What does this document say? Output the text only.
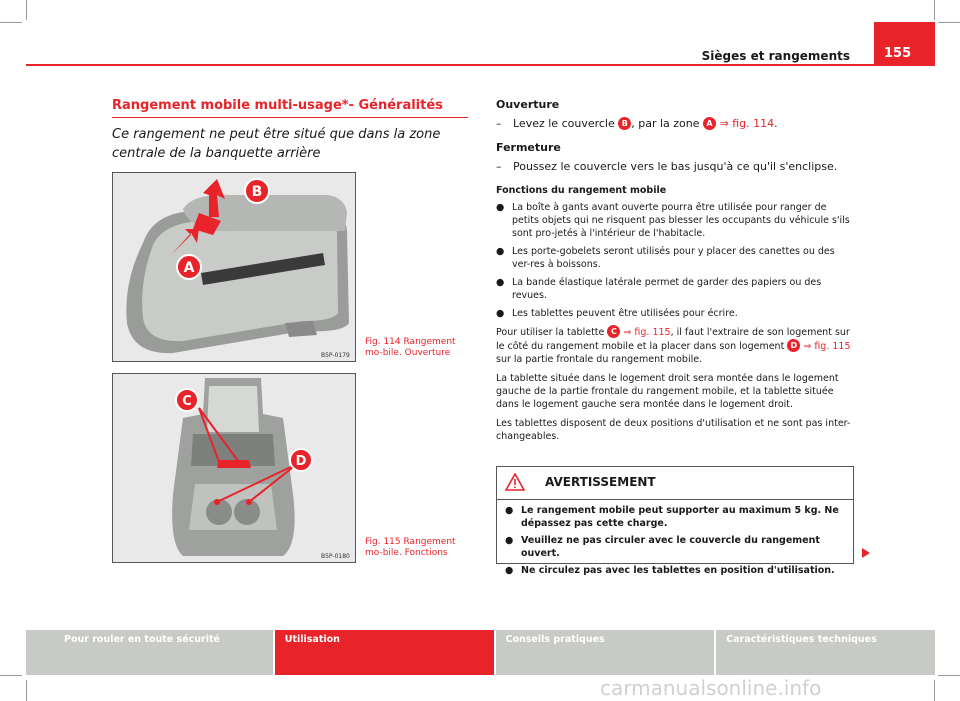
Sièges et rangements	155
Rangement mobile multi-usage*- Généralités
Ce rangement ne peut être situé que dans la zone centrale de la banquette arrière
B
A
B5P-0179
Fig. 114 Rangement mo-bile. Ouverture
C
D
B5P-0180
Fig. 115 Rangement mo-bile. Fonctions
Ouverture
–	Levez le couvercle B , par la zone A ⇒ fig. 114.
Fermeture
–	Poussez le couvercle vers le bas jusqu'à ce qu'il s'enclipse.
Fonctions du rangement mobile
● La boîte à gants avant ouverte pourra être utilisée pour ranger de petits objets qui ne risquent pas blesser les occupants du véhicule s'ils sont pro-jetés à l'intérieur de l'habitacle.
● Les porte-gobelets seront utilisés pour y placer des canettes ou des ver-res à boissons.
● La bande élastique latérale permet de garder des papiers ou des revues.
● Les tablettes peuvent être utilisées pour écrire.
Pour utiliser la tablette C ⇒ fig. 115, il faut l'extraire de son logement sur le côté du rangement mobile et la placer dans son logement D ⇒ fig. 115 sur la partie frontale du rangement mobile.
La tablette située dans le logement droit sera montée dans le logement gauche de la partie frontale du rangement mobile, et la tablette située dans le logement gauche sera montée dans le logement droit.
Les tablettes disposent de deux positions d'utilisation et ne sont pas inter-changeables.
AVERTISSEMENT
● Le rangement mobile peut supporter au maximum 5 kg. Ne dépassez pas cette charge.
● Veuillez ne pas circuler avec le couvercle du rangement ouvert.
● Ne circulez pas avec les tablettes en position d'utilisation.
Pour rouler en toute sécurité	Utilisation	Conseils pratiques	Caractéristiques techniques
carmanualsonline.info
